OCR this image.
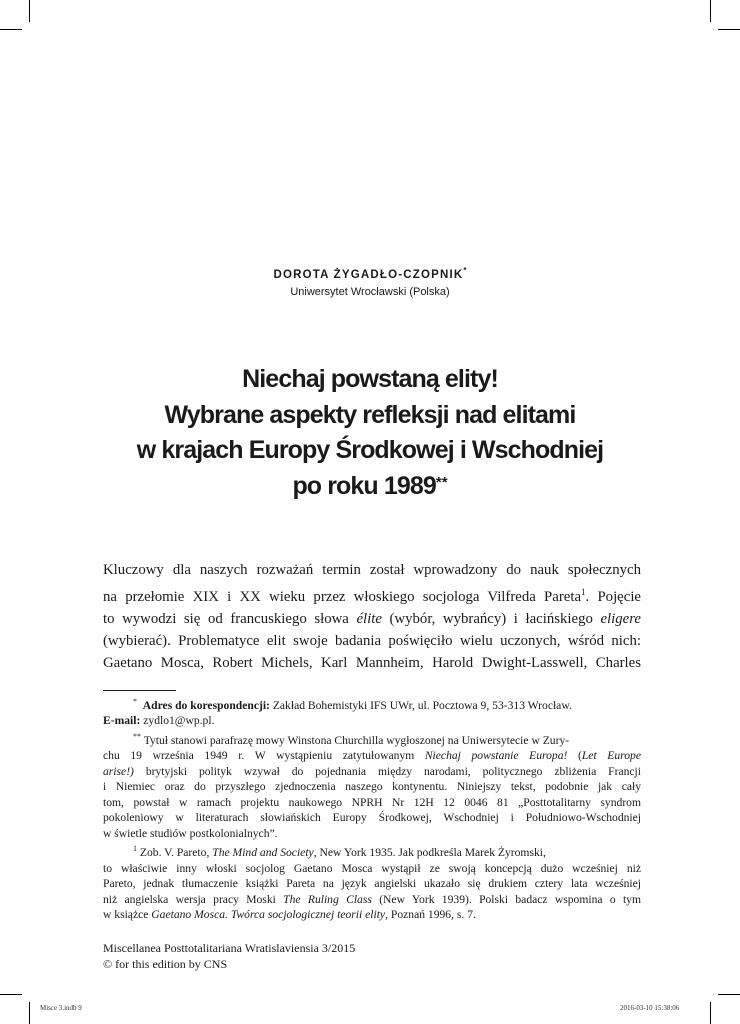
DOROTA ŻYGADŁO-CZOPNIK*
Uniwersytet Wrocławski (Polska)
Niechaj powstaną elity!
Wybrane aspekty refleksji nad elitami
w krajach Europy Środkowej i Wschodniej
po roku 1989**
Kluczowy dla naszych rozważań termin został wprowadzony do nauk społecznych
na przełomie XIX i XX wieku przez włoskiego socjologa Vilfreda Pareta$^1$. Pojęcie
to wywodzi się od francuskiego słowa élite (wybór, wybrańcy) i łacińskiego eligere
(wybierać). Problematyce elit swoje badania poświęciło wielu uczonych, wśród nich:
Gaetano Mosca, Robert Michels, Karl Mannheim, Harold Dwight-Lasswell, Charles
* Adres do korespondencji: Zakład Bohemistyki IFS UWr, ul. Pocztowa 9, 53-313 Wrocław.
E-mail: zydlo1@wp.pl.
** Tytuł stanowi parafrazę mowy Winstona Churchilla wygłoszonej na Uniwersytecie w Zury-
chu 19 września 1949 r. W wystąpieniu zatytułowanym Niechaj powstanie Europa! (Let Europe
arise!) brytyjski polityk wzywał do pojednania między narodami, politycznego zbliżenia Francji
i Niemiec oraz do przyszłego zjednoczenia naszego kontynentu. Niniejszy tekst, podobnie jak cały
tom, powstał w ramach projektu naukowego NPRH Nr 12H 12 0046 81 „Posttotalitarny syndrom
pokoleniowy w literaturach słowiańskich Europy Środkowej, Wschodniej i Południowo-Wschodniej
w świetle studiów postkolonialnych”.
$^1$ Zob. V. Pareto, The Mind and Society, New York 1935. Jak podkreśla Marek Żyromski,
to właściwie inny włoski socjolog Gaetano Mosca wystąpił ze swoją koncepcją dużo wcześniej niż
Pareto, jednak tłumaczenie książki Pareta na język angielski ukazało się drukiem cztery lata wcześniej
niż angielska wersja pracy Moski The Ruling Class (New York 1939). Polski badacz wspomina o tym
w książce Gaetano Mosca. Twórca socjologicznej teorii elity, Poznań 1996, s. 7.
Miscellanea Posttotalitariana Wratislaviensia 3/2015
© for this edition by CNS
Misce 3.indb 9	2016-03-10 15:38:06
